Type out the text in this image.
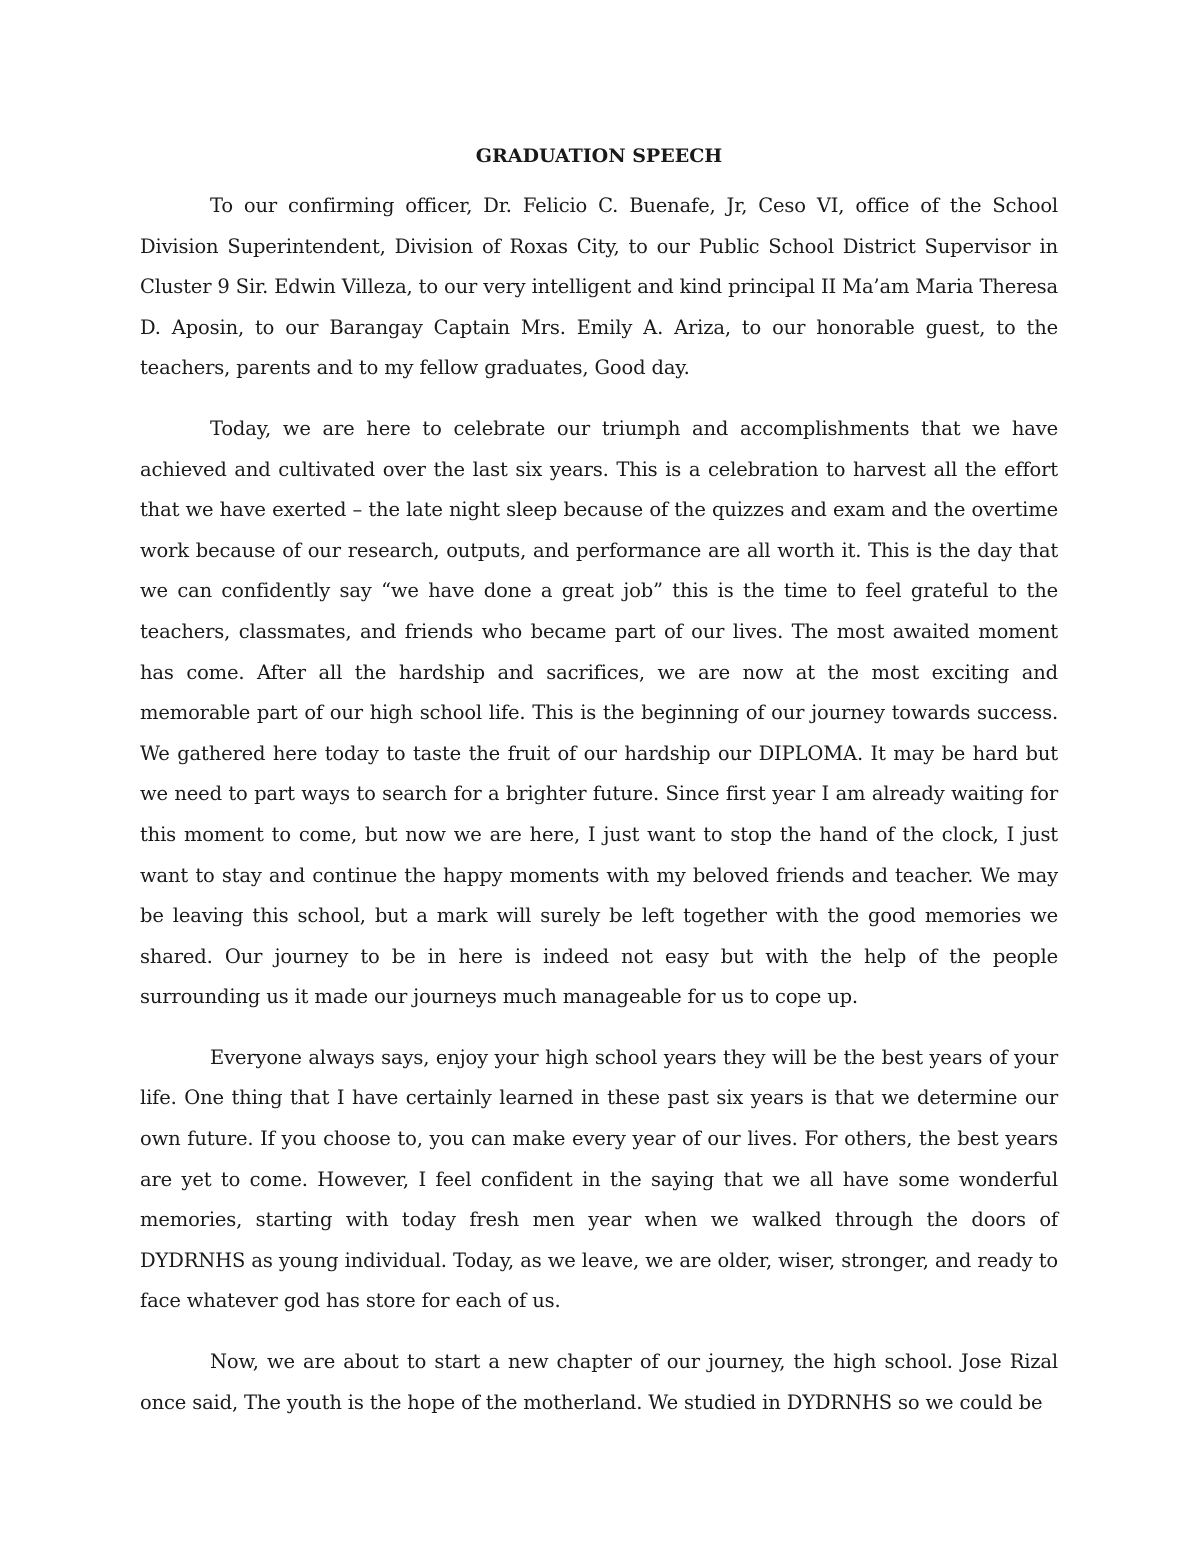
GRADUATION SPEECH

To our confirming officer, Dr. Felicio C. Buenafe, Jr, Ceso VI, office of the School Division Superintendent, Division of Roxas City, to our Public School District Supervisor in Cluster 9 Sir. Edwin Villeza, to our very intelligent and kind principal II Ma’am Maria Theresa D. Aposin, to our Barangay Captain Mrs. Emily A. Ariza, to our honorable guest, to the teachers, parents and to my fellow graduates, Good day.

Today, we are here to celebrate our triumph and accomplishments that we have achieved and cultivated over the last six years. This is a celebration to harvest all the effort that we have exerted – the late night sleep because of the quizzes and exam and the overtime work because of our research, outputs, and performance are all worth it. This is the day that we can confidently say “we have done a great job” this is the time to feel grateful to the teachers, classmates, and friends who became part of our lives. The most awaited moment has come. After all the hardship and sacrifices, we are now at the most exciting and memorable part of our high school life. This is the beginning of our journey towards success. We gathered here today to taste the fruit of our hardship our DIPLOMA. It may be hard but we need to part ways to search for a brighter future. Since first year I am already waiting for this moment to come, but now we are here, I just want to stop the hand of the clock, I just want to stay and continue the happy moments with my beloved friends and teacher. We may be leaving this school, but a mark will surely be left together with the good memories we shared. Our journey to be in here is indeed not easy but with the help of the people surrounding us it made our journeys much manageable for us to cope up.

Everyone always says, enjoy your high school years they will be the best years of your life. One thing that I have certainly learned in these past six years is that we determine our own future. If you choose to, you can make every year of our lives. For others, the best years are yet to come. However, I feel confident in the saying that we all have some wonderful memories, starting with today fresh men year when we walked through the doors of DYDRNHS as young individual. Today, as we leave, we are older, wiser, stronger, and ready to face whatever god has store for each of us.

Now, we are about to start a new chapter of our journey, the high school. Jose Rizal once said, The youth is the hope of the motherland. We studied in DYDRNHS so we could be
